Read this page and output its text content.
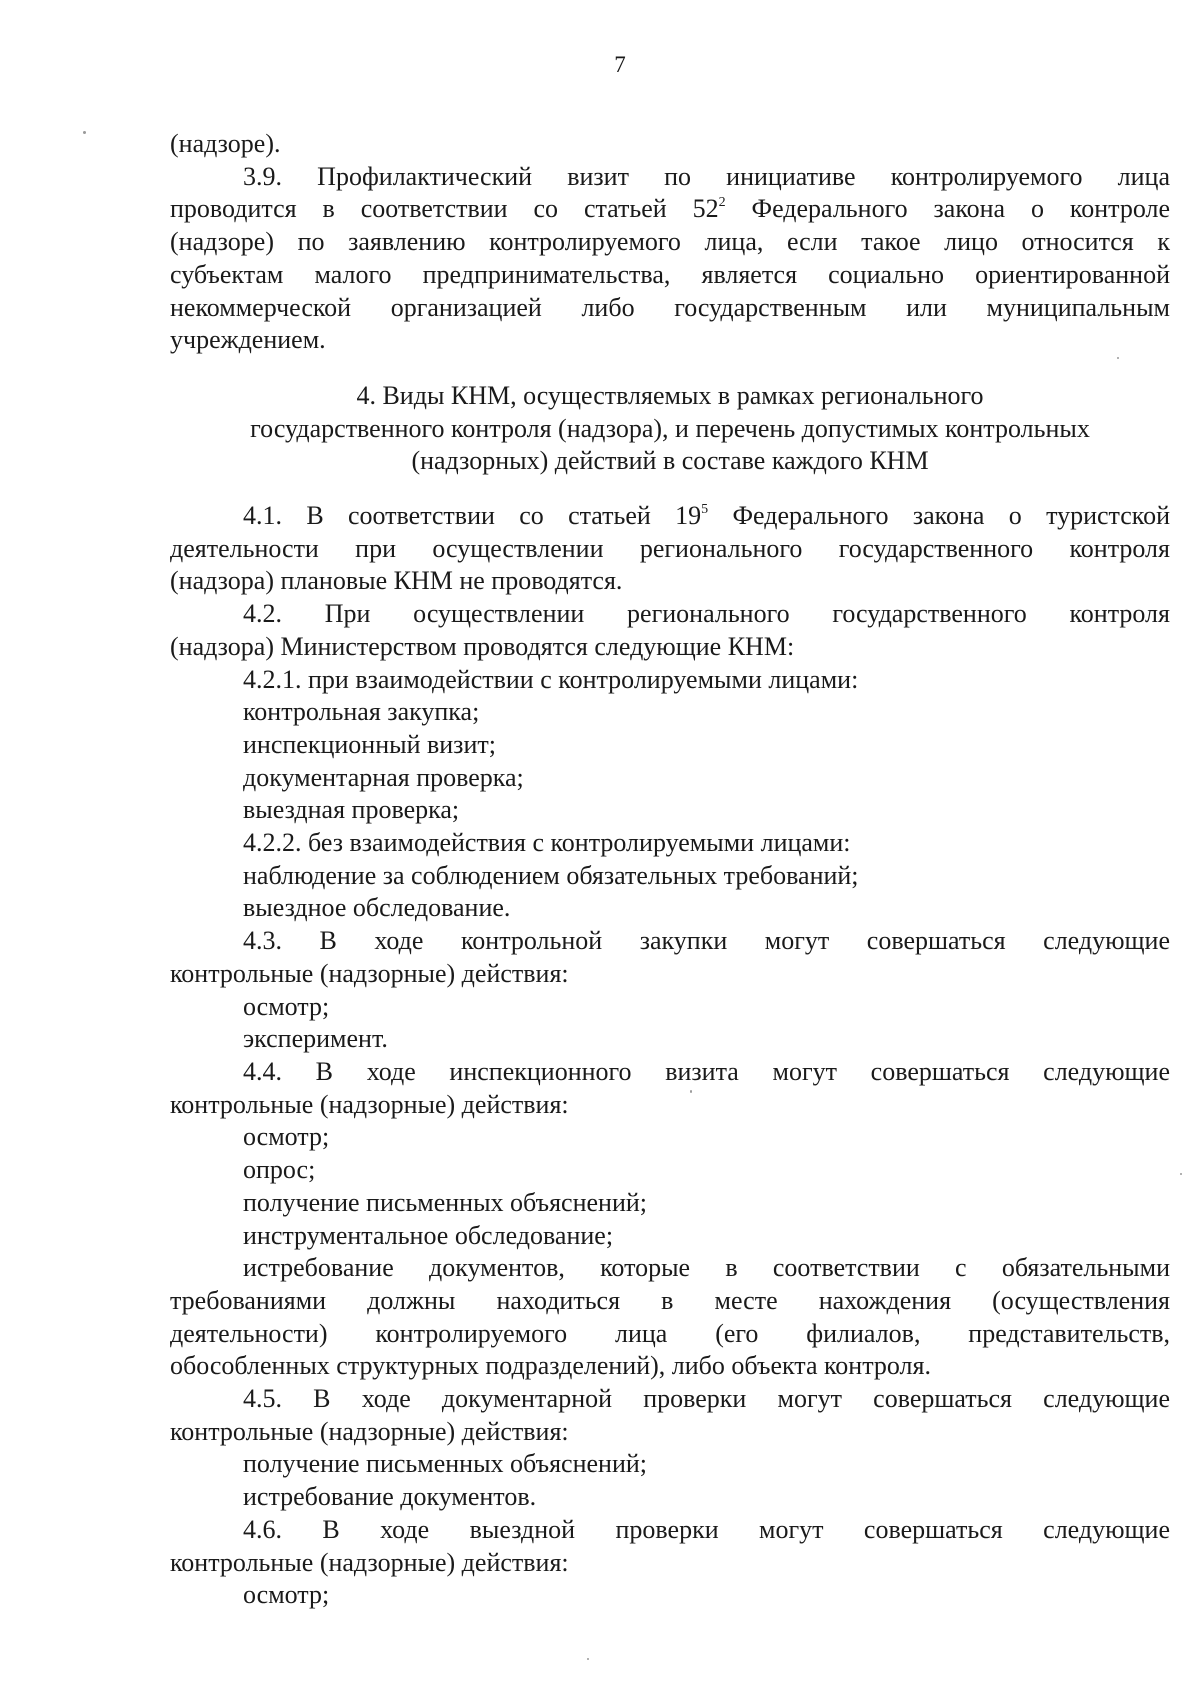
7

(надзоре).

3.9. Профилактический визит по инициативе контролируемого лица

проводится в соответствии со статьей $52^2$ Федерального закона о контроле

(надзоре) по заявлению контролируемого лица, если такое лицо относится к

субъектам малого предпринимательства, является социально ориентированной

некоммерческой организацией либо государственным или муниципальным

учреждением.

4. Виды КНМ, осуществляемых в рамках регионального
государственного контроля (надзора), и перечень допустимых контрольных
(надзорных) действий в составе каждого КНМ

4.1. В соответствии со статьей $19^5$ Федерального закона о туристской

деятельности при осуществлении регионального государственного контроля

(надзора) плановые КНМ не проводятся.

4.2. При осуществлении регионального государственного контроля

(надзора) Министерством проводятся следующие КНМ:

4.2.1. при взаимодействии с контролируемыми лицами:

контрольная закупка;

инспекционный визит;

документарная проверка;

выездная проверка;

4.2.2. без взаимодействия с контролируемыми лицами:

наблюдение за соблюдением обязательных требований;

выездное обследование.

4.3. В ходе контрольной закупки могут совершаться следующие

контрольные (надзорные) действия:

осмотр;

эксперимент.

4.4. В ходе инспекционного визита могут совершаться следующие

контрольные (надзорные) действия:

осмотр;

опрос;

получение письменных объяснений;

инструментальное обследование;

истребование документов, которые в соответствии с обязательными

требованиями должны находиться в месте нахождения (осуществления

деятельности) контролируемого лица (его филиалов, представительств,

обособленных структурных подразделений), либо объекта контроля.

4.5. В ходе документарной проверки могут совершаться следующие

контрольные (надзорные) действия:

получение письменных объяснений;

истребование документов.

4.6. В ходе выездной проверки могут совершаться следующие

контрольные (надзорные) действия:

осмотр;
